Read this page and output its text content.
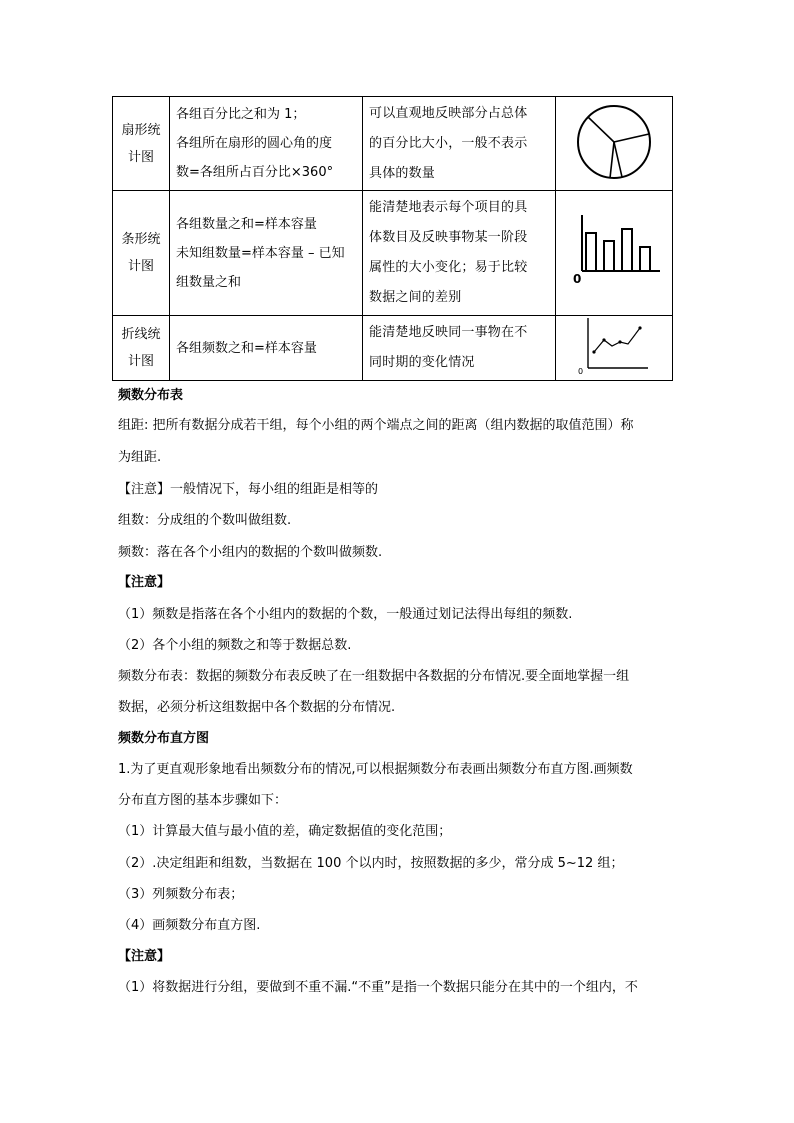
扇形统
计图	各组百分比之和为 1；
各组所在扇形的圆心角的度
数=各组所占百分比×360°	可以直观地反映部分占总体
的百分比大小，一般不表示
具体的数量

条形统
计图	各组数量之和=样本容量
未知组数量=样本容量 – 已知
组数量之和	能清楚地表示每个项目的具
体数目及反映事物某一阶段
属性的大小变化；易于比较
数据之间的差别	0

折线统
计图	各组频数之和=样本容量	能清楚地反映同一事物在不
同时期的变化情况	0
频数分布表
组距: 把所有数据分成若干组，每个小组的两个端点之间的距离（组内数据的取值范围）称
为组距.
【注意】一般情况下，每小组的组距是相等的
组数：分成组的个数叫做组数.
频数：落在各个小组内的数据的个数叫做频数.
【注意】
（1）频数是指落在各个小组内的数据的个数，一般通过划记法得出每组的频数.
（2）各个小组的频数之和等于数据总数.
频数分布表：数据的频数分布表反映了在一组数据中各数据的分布情况.要全面地掌握一组
数据，必须分析这组数据中各个数据的分布情况.
频数分布直方图
1.为了更直观形象地看出频数分布的情况,可以根据频数分布表画出频数分布直方图.画频数
分布直方图的基本步骤如下：
（1）计算最大值与最小值的差，确定数据值的变化范围；
（2）.决定组距和组数，当数据在 100 个以内时，按照数据的多少，常分成 5~12 组；
（3）列频数分布表；
（4）画频数分布直方图.
【注意】
（1）将数据进行分组，要做到不重不漏.“不重”是指一个数据只能分在其中的一个组内，不
